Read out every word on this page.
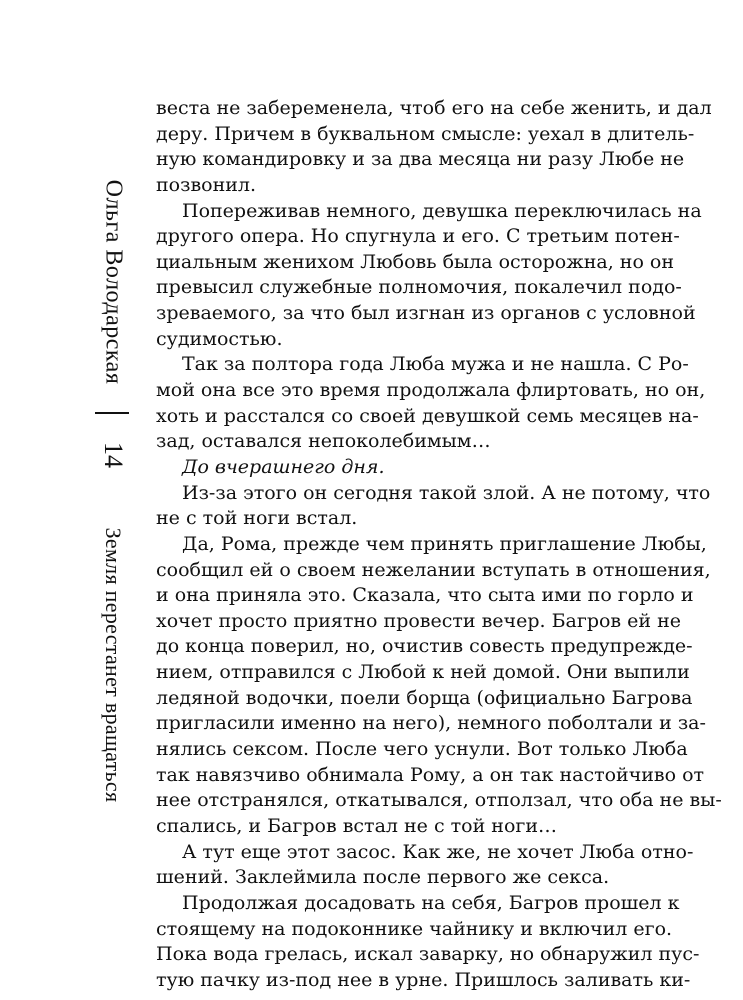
Ольга Володарская
14
Земля перестанет вращаться
веста не забеременела, чтоб его на себе женить, и дал
деру. Причем в буквальном смысле: уехал в длитель-
ную командировку и за два месяца ни разу Любе не
позвонил.
Попереживав немного, девушка переключилась на
другого опера. Но спугнула и его. С третьим потен-
циальным женихом Любовь была осторожна, но он
превысил служебные полномочия, покалечил подо-
зреваемого, за что был изгнан из органов с условной
судимостью.
Так за полтора года Люба мужа и не нашла. С Ро-
мой она все это время продолжала флиртовать, но он,
хоть и расстался со своей девушкой семь месяцев на-
зад, оставался непоколебимым…
До вчерашнего дня.
Из-за этого он сегодня такой злой. А не потому, что
не с той ноги встал.
Да, Рома, прежде чем принять приглашение Любы,
сообщил ей о своем нежелании вступать в отношения,
и она приняла это. Сказала, что сыта ими по горло и
хочет просто приятно провести вечер. Багров ей не
до конца поверил, но, очистив совесть предупрежде-
нием, отправился с Любой к ней домой. Они выпили
ледяной водочки, поели борща (официально Багрова
пригласили именно на него), немного поболтали и за-
нялись сексом. После чего уснули. Вот только Люба
так навязчиво обнимала Рому, а он так настойчиво от
нее отстранялся, откатывался, отползал, что оба не вы-
спались, и Багров встал не с той ноги…
А тут еще этот засос. Как же, не хочет Люба отно-
шений. Заклеймила после первого же секса.
Продолжая досадовать на себя, Багров прошел к
стоящему на подоконнике чайнику и включил его.
Пока вода грелась, искал заварку, но обнаружил пус-
тую пачку из-под нее в урне. Пришлось заливать ки-
